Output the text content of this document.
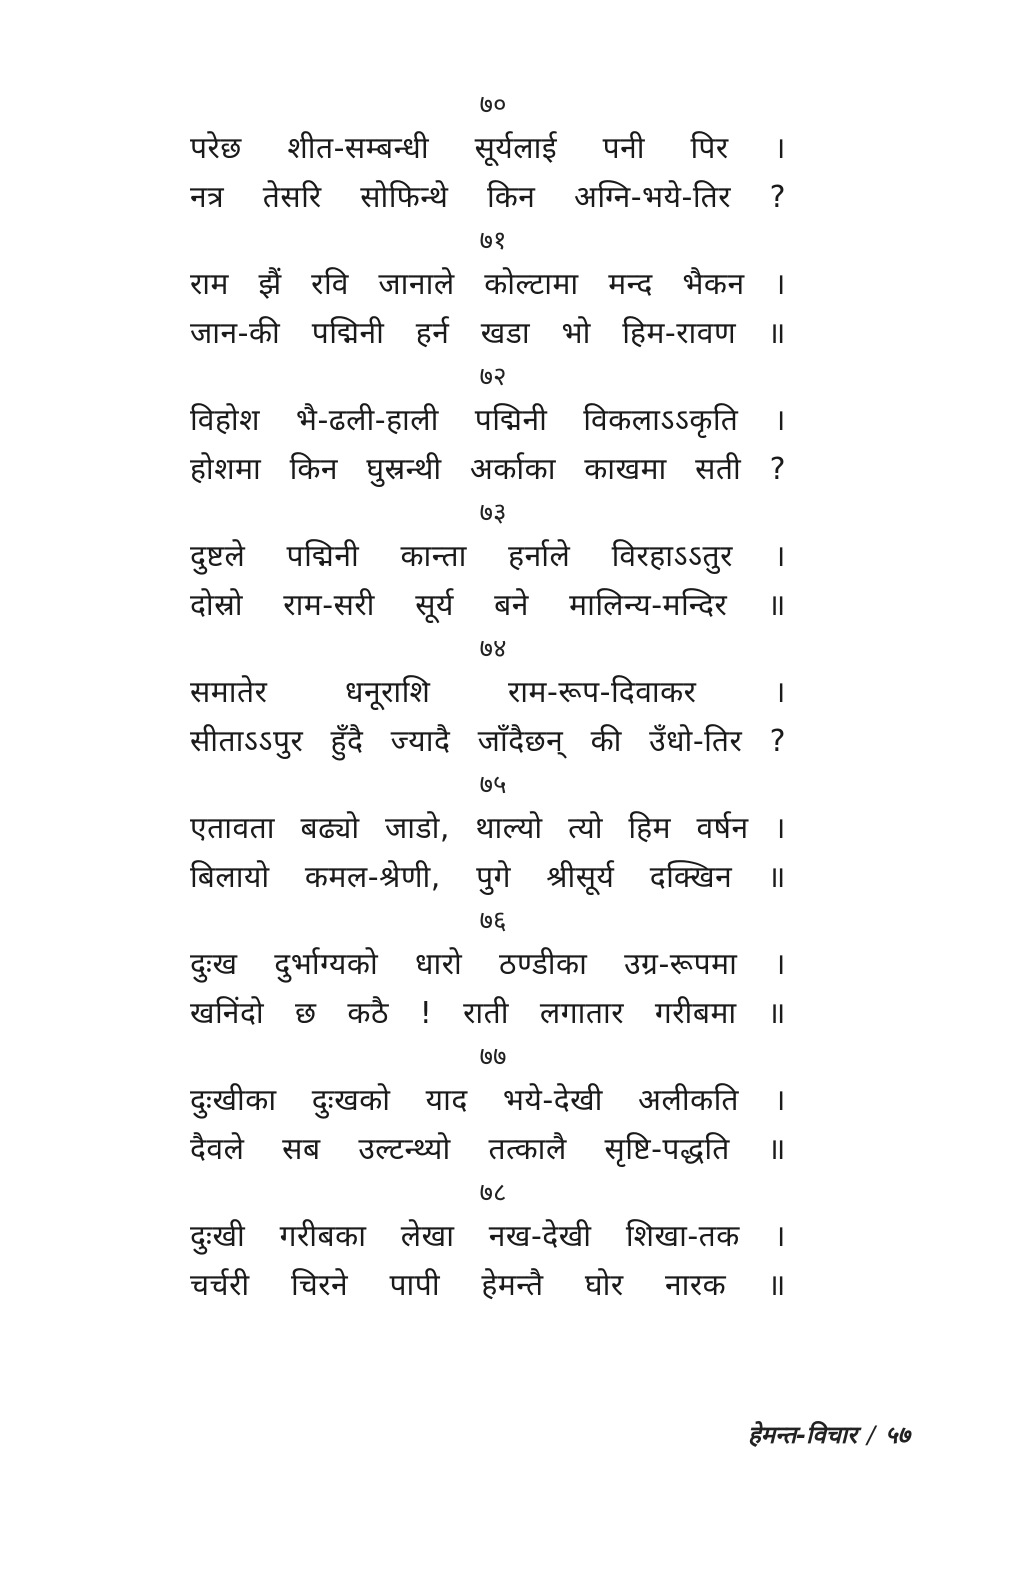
७०
परेछ शीत-सम्बन्धी सूर्यलाई पनी पिर ।
नत्र तेसरि सोफिन्थे किन अग्नि-भये-तिर ?
७१
राम झैं रवि जानाले कोल्टामा मन्द भैकन ।
जान-की पद्मिनी हर्न खडा भो हिम-रावण ॥
७२
विहोश भै-ढली-हाली पद्मिनी विकलाऽऽकृति ।
होशमा किन घुस्रन्थी अर्काका काखमा सती ?
७३
दुष्टले पद्मिनी कान्ता हर्नाले विरहाऽऽतुर ।
दोस्रो राम-सरी सूर्य बने मालिन्य-मन्दिर ॥
७४
समातेर धनूराशि राम-रूप-दिवाकर ।
सीताऽऽपुर हुँदै ज्यादै जाँदैछन् की उँधो-तिर ?
७५
एतावता बढ्यो जाडो, थाल्यो त्यो हिम वर्षन ।
बिलायो कमल-श्रेणी, पुगे श्रीसूर्य दक्खिन ॥
७६
दुःख दुर्भाग्यको धारो ठण्डीका उग्र-रूपमा ।
खनिंदो छ कठै ! राती लगातार गरीबमा ॥
७७
दुःखीका दुःखको याद भये-देखी अलीकति ।
दैवले सब उल्टन्थ्यो तत्कालै सृष्टि-पद्धति ॥
७८
दुःखी गरीबका लेखा नख-देखी शिखा-तक ।
चर्चरी चिरने पापी हेमन्तै घोर नारक ॥
हेमन्त-विचार / ५७
